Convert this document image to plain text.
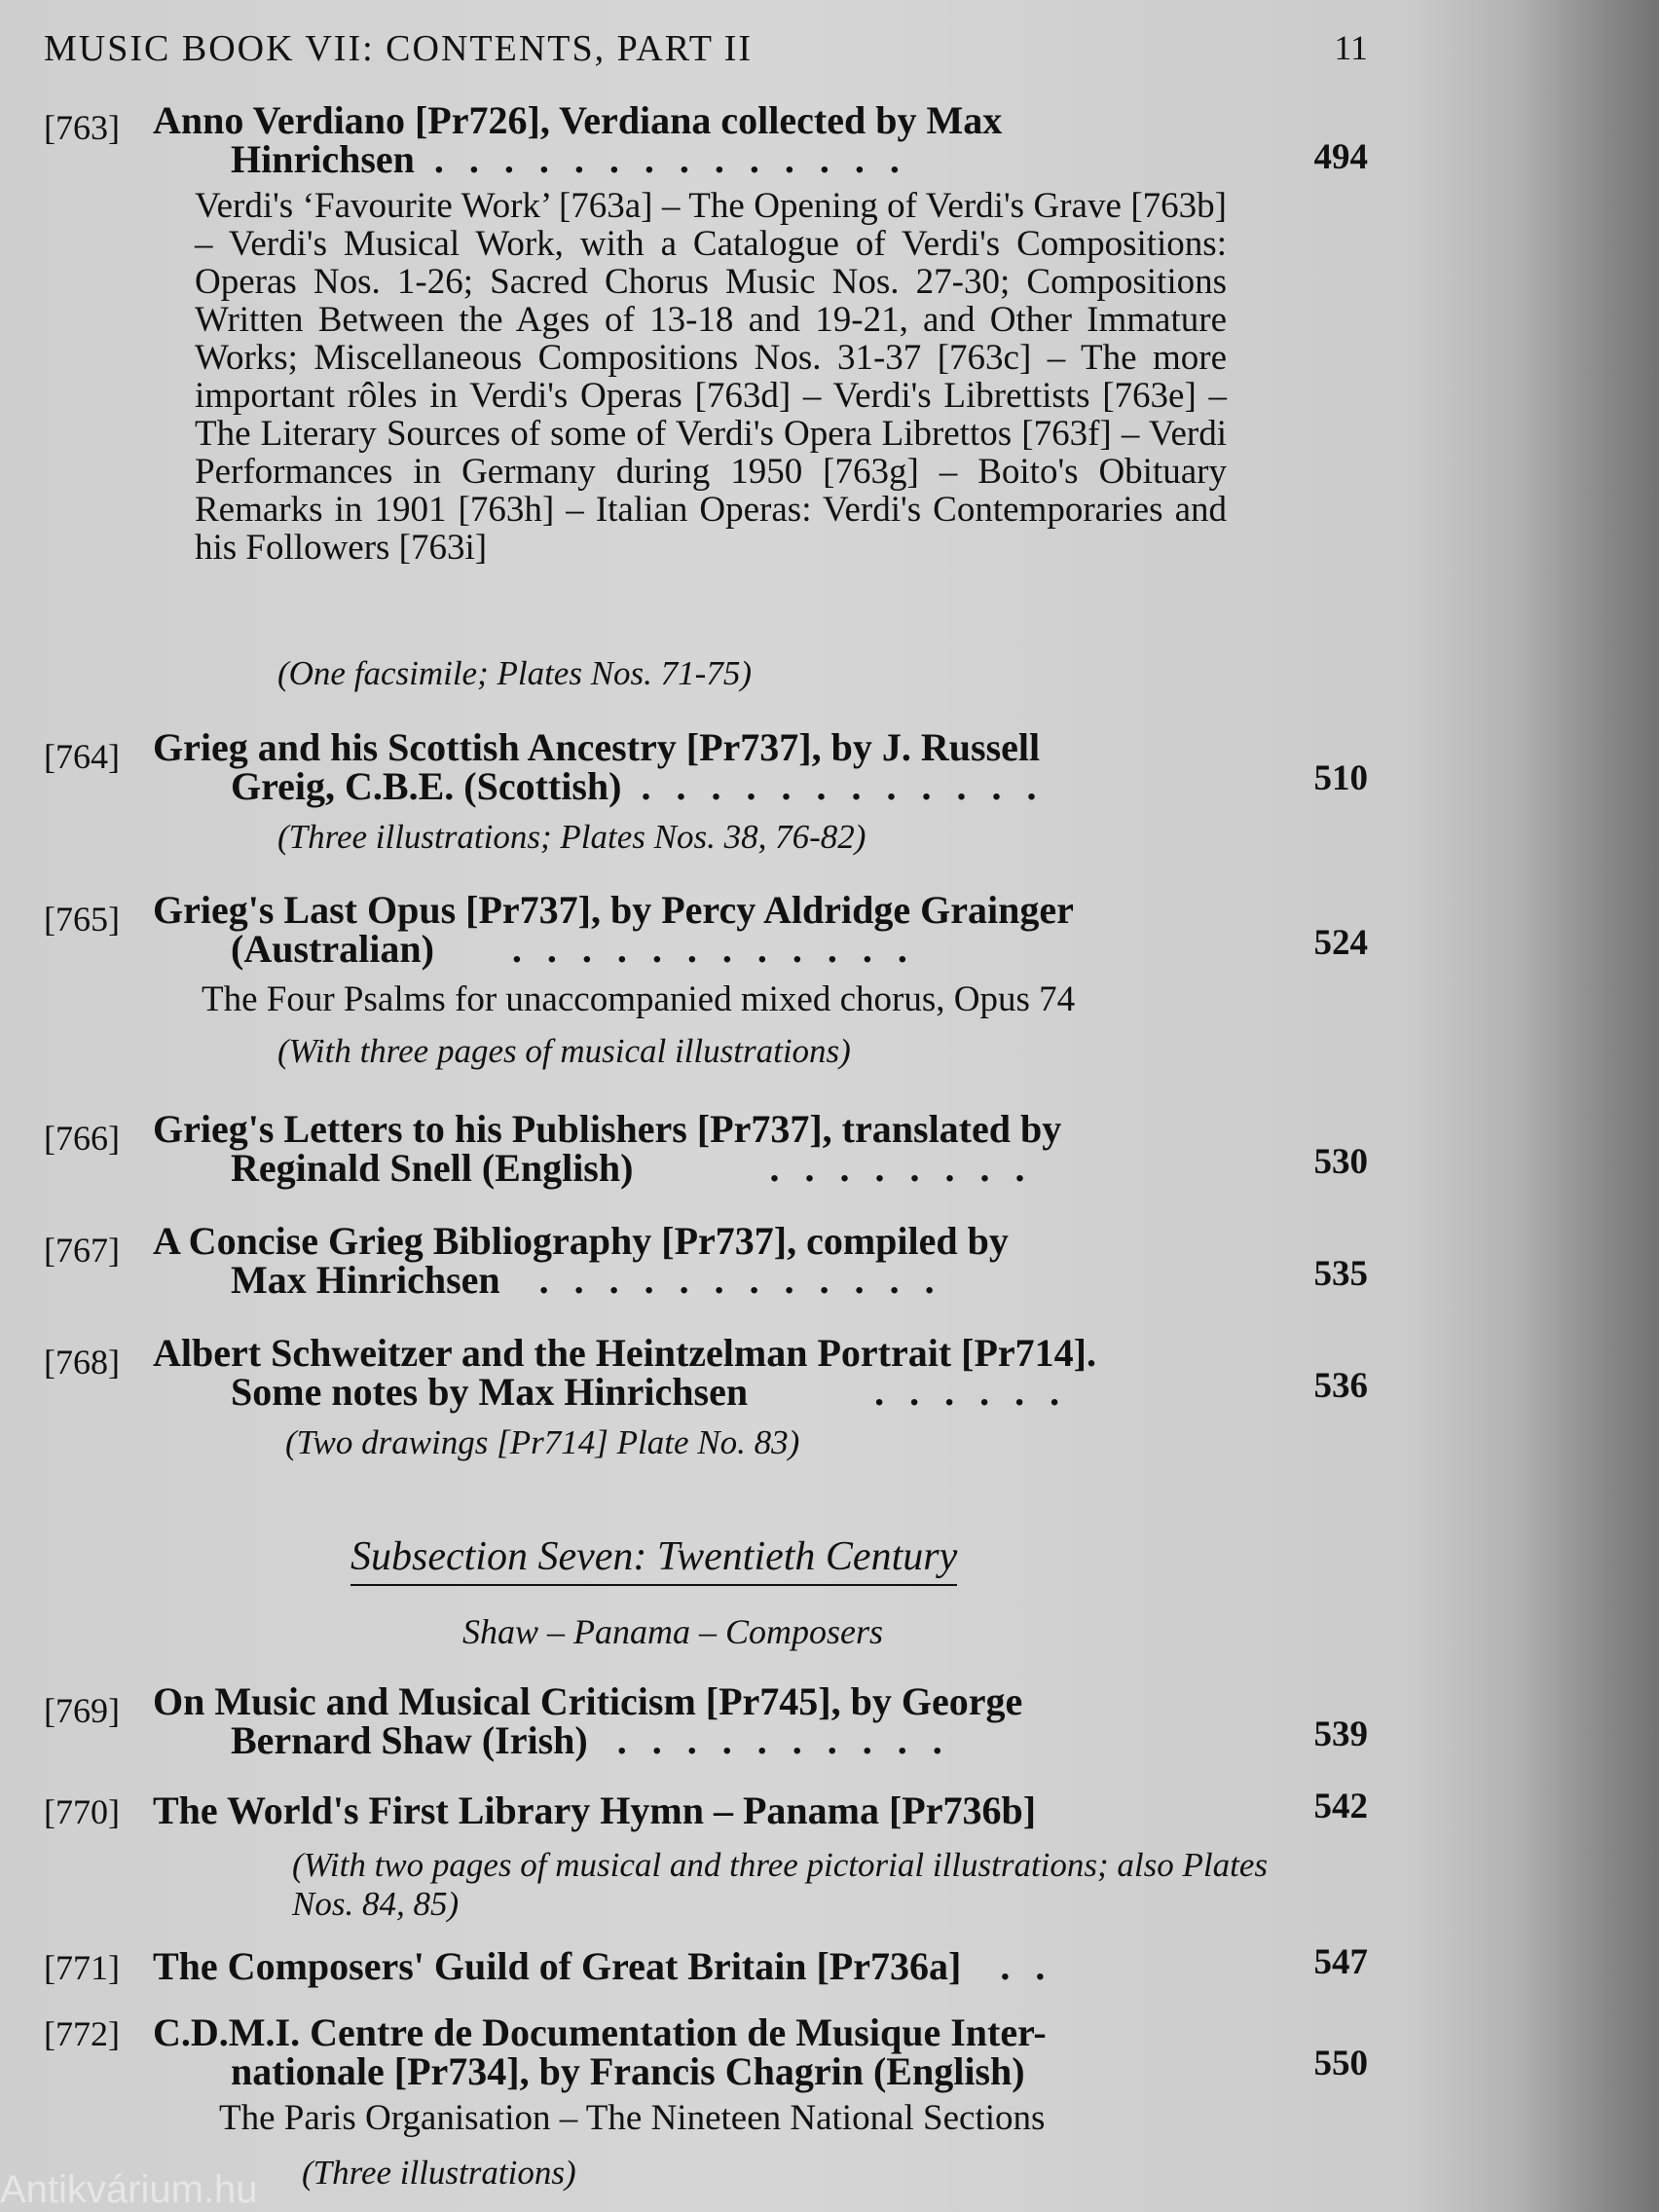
MUSIC BOOK VII: CONTENTS, PART II	11
[763] Anno Verdiano [Pr726], Verdiana collected by Max
Hinrichsen . . . . . . . . . . . . . .	494
Verdi's ‘Favourite Work’ [763a] – The Opening of Verdi's Grave [763b] – Verdi's Musical Work, with a Catalogue of Verdi's Compositions: Operas Nos. 1-26; Sacred Chorus Music Nos. 27-30; Compositions Written Between the Ages of 13-18 and 19-21, and Other Immature Works; Miscellaneous Compositions Nos. 31-37 [763c] – The more important rôles in Verdi's Operas [763d] – Verdi's Librettists [763e] – The Literary Sources of some of Verdi's Opera Librettos [763f] – Verdi Performances in Germany during 1950 [763g] – Boito's Obituary Remarks in 1901 [763h] – Italian Operas: Verdi's Contemporaries and his Followers [763i]
(One facsimile; Plates Nos. 71-75)
[764] Grieg and his Scottish Ancestry [Pr737], by J. Russell
Greig, C.B.E. (Scottish) . . . . . . . . . . . .	510
(Three illustrations; Plates Nos. 38, 76-82)
[765] Grieg's Last Opus [Pr737], by Percy Aldridge Grainger
(Australian) . . . . . . . . . . . .	524
The Four Psalms for unaccompanied mixed chorus, Opus 74
(With three pages of musical illustrations)
[766] Grieg's Letters to his Publishers [Pr737], translated by
Reginald Snell (English)	. . . . . . . .	530
[767] A Concise Grieg Bibliography [Pr737], compiled by
Max Hinrichsen . . . . . . . . . . . .	535
[768] Albert Schweitzer and the Heintzelman Portrait [Pr714].
Some notes by Max Hinrichsen	. . . . . .	536
(Two drawings [Pr714] Plate No. 83)
Subsection Seven: Twentieth Century
Shaw – Panama – Composers
[769] On Music and Musical Criticism [Pr745], by George
Bernard Shaw (Irish) . . . . . . . . . .	539
[770] The World's First Library Hymn – Panama [Pr736b]	542
(With two pages of musical and three pictorial illustrations; also Plates Nos. 84, 85)
[771] The Composers' Guild of Great Britain [Pr736a] . .	547
[772] C.D.M.I. Centre de Documentation de Musique Inter-
nationale [Pr734], by Francis Chagrin (English)	550
The Paris Organisation – The Nineteen National Sections
(Three illustrations)
Antikvárium.hu
